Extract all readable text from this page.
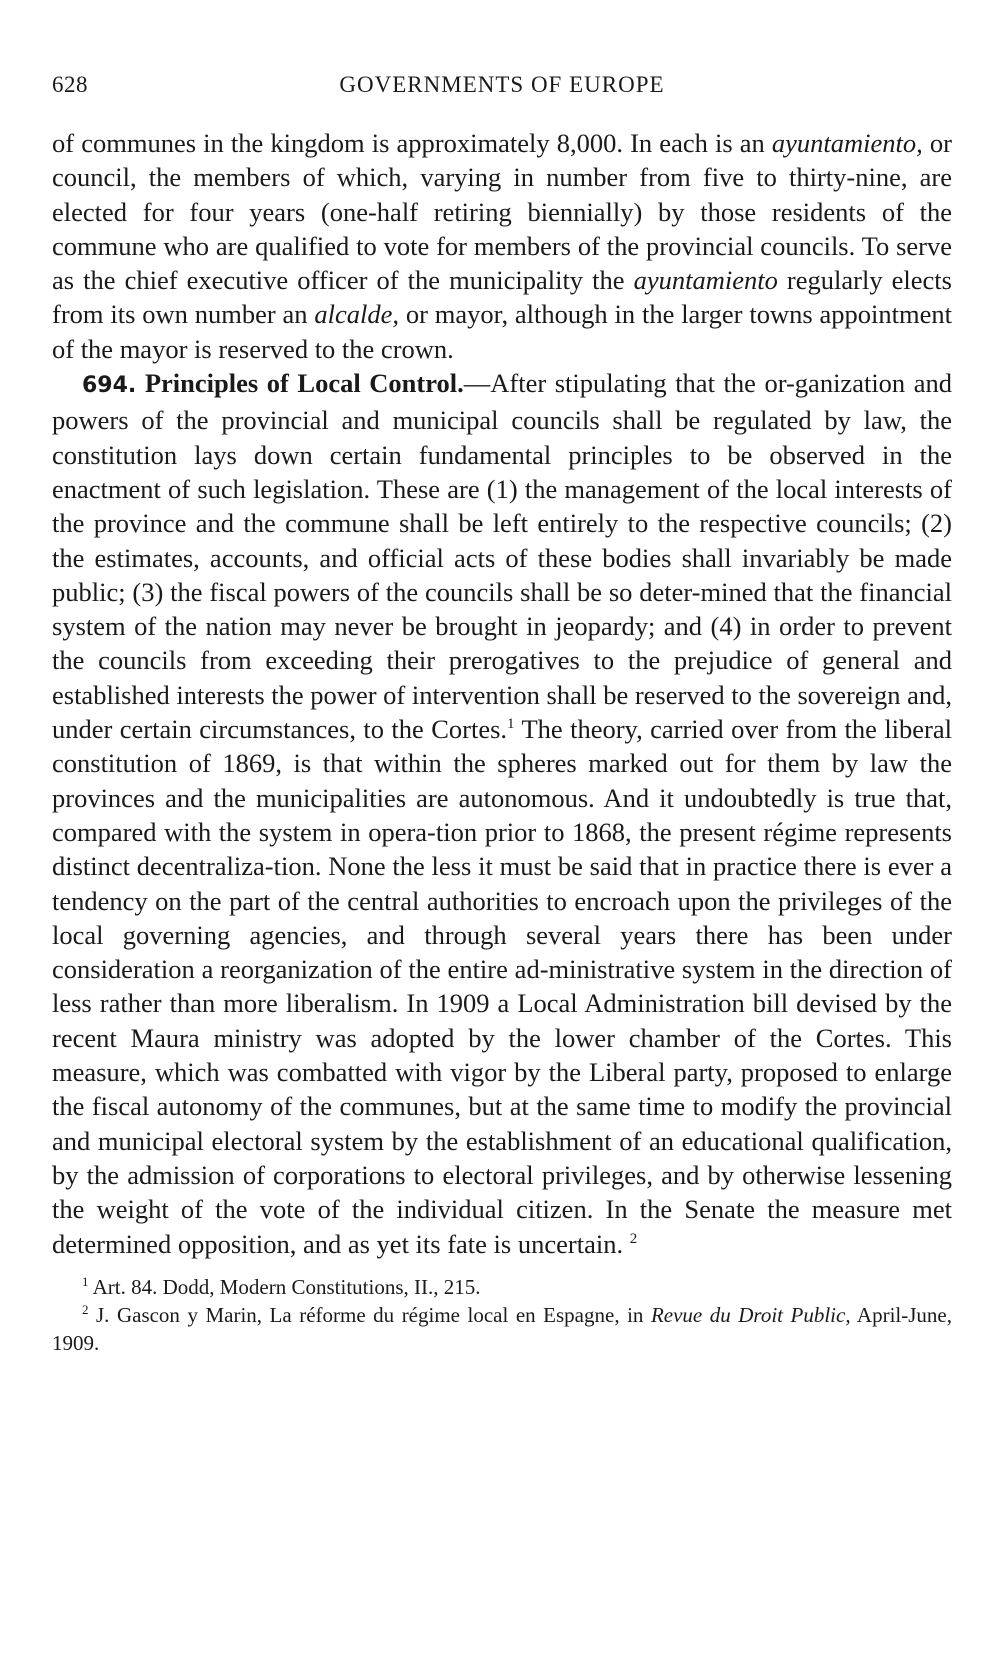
628	GOVERNMENTS OF EUROPE

of communes in the kingdom is approximately 8,000. In each is an ayuntamiento, or council, the members of which, varying in number from five to thirty-nine, are elected for four years (one-half retiring biennially) by those residents of the commune who are qualified to vote for members of the provincial councils. To serve as the chief executive officer of the municipality the ayuntamiento regularly elects from its own number an alcalde, or mayor, although in the larger towns appointment of the mayor is reserved to the crown.

694. Principles of Local Control.—After stipulating that the or-ganization and powers of the provincial and municipal councils shall be regulated by law, the constitution lays down certain fundamental principles to be observed in the enactment of such legislation. These are (1) the management of the local interests of the province and the commune shall be left entirely to the respective councils; (2) the estimates, accounts, and official acts of these bodies shall invariably be made public; (3) the fiscal powers of the councils shall be so deter-mined that the financial system of the nation may never be brought in jeopardy; and (4) in order to prevent the councils from exceeding their prerogatives to the prejudice of general and established interests the power of intervention shall be reserved to the sovereign and, under certain circumstances, to the Cortes.$^1$ The theory, carried over from the liberal constitution of 1869, is that within the spheres marked out for them by law the provinces and the municipalities are autonomous. And it undoubtedly is true that, compared with the system in opera-tion prior to 1868, the present régime represents distinct decentraliza-tion. None the less it must be said that in practice there is ever a tendency on the part of the central authorities to encroach upon the privileges of the local governing agencies, and through several years there has been under consideration a reorganization of the entire ad-ministrative system in the direction of less rather than more liberalism. In 1909 a Local Administration bill devised by the recent Maura ministry was adopted by the lower chamber of the Cortes. This measure, which was combatted with vigor by the Liberal party, proposed to enlarge the fiscal autonomy of the communes, but at the same time to modify the provincial and municipal electoral system by the establishment of an educational qualification, by the admission of corporations to electoral privileges, and by otherwise lessening the weight of the vote of the individual citizen. In the Senate the measure met determined opposition, and as yet its fate is uncertain. $^2$

$^1$ Art. 84. Dodd, Modern Constitutions, II., 215.

$^2$ J. Gascon y Marin, La réforme du régime local en Espagne, in Revue du Droit Public, April-June, 1909.
